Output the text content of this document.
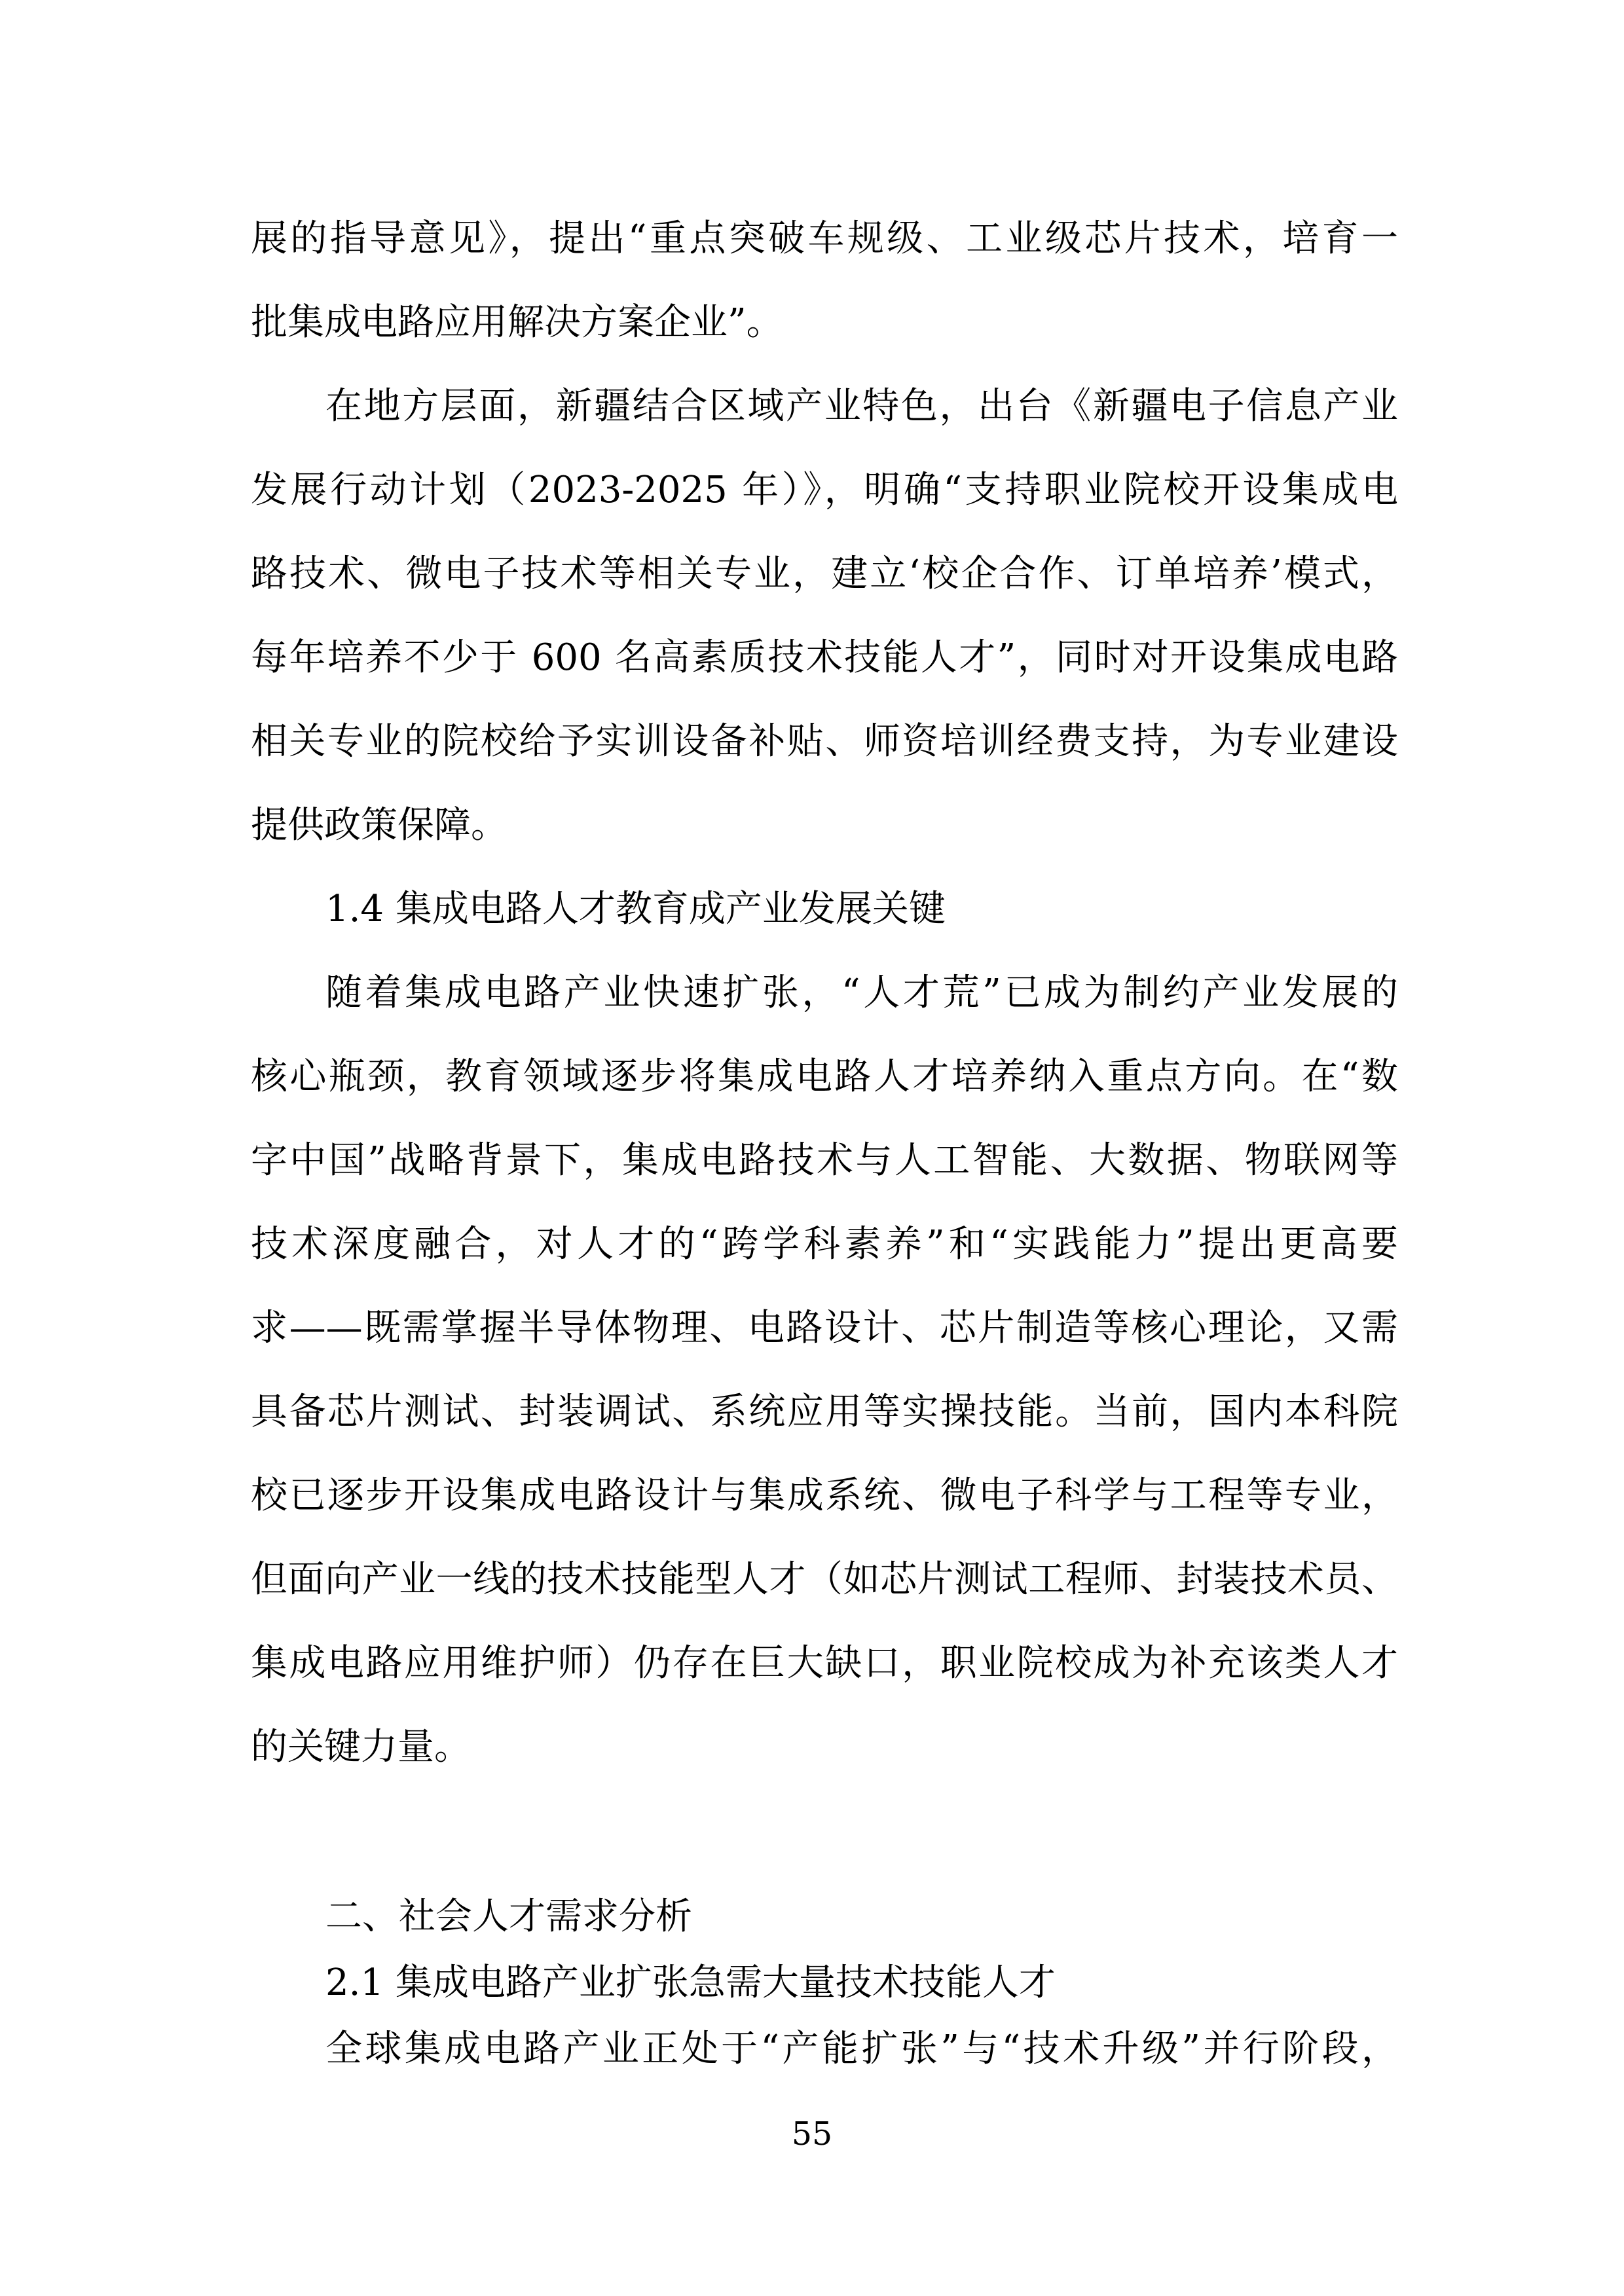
展的指导意见》，提出“重点突破车规级、工业级芯片技术，培育一
批集成电路应用解决方案企业”。
在地方层面，新疆结合区域产业特色，出台《新疆电子信息产业
发展行动计划（2023-2025 年）》，明确“支持职业院校开设集成电
路技术、微电子技术等相关专业，建立‘校企合作、订单培养’模式，
每年培养不少于 600 名高素质技术技能人才”，同时对开设集成电路
相关专业的院校给予实训设备补贴、师资培训经费支持，为专业建设
提供政策保障。
1.4 集成电路人才教育成产业发展关键
随着集成电路产业快速扩张，“人才荒”已成为制约产业发展的
核心瓶颈，教育领域逐步将集成电路人才培养纳入重点方向。在“数
字中国”战略背景下，集成电路技术与人工智能、大数据、物联网等
技术深度融合，对人才的“跨学科素养”和“实践能力”提出更高要
求——既需掌握半导体物理、电路设计、芯片制造等核心理论，又需
具备芯片测试、封装调试、系统应用等实操技能。当前，国内本科院
校已逐步开设集成电路设计与集成系统、微电子科学与工程等专业，
但面向产业一线的技术技能型人才（如芯片测试工程师、封装技术员、
集成电路应用维护师）仍存在巨大缺口，职业院校成为补充该类人才
的关键力量。
二、社会人才需求分析
2.1 集成电路产业扩张急需大量技术技能人才
全球集成电路产业正处于“产能扩张”与“技术升级”并行阶段，
55
